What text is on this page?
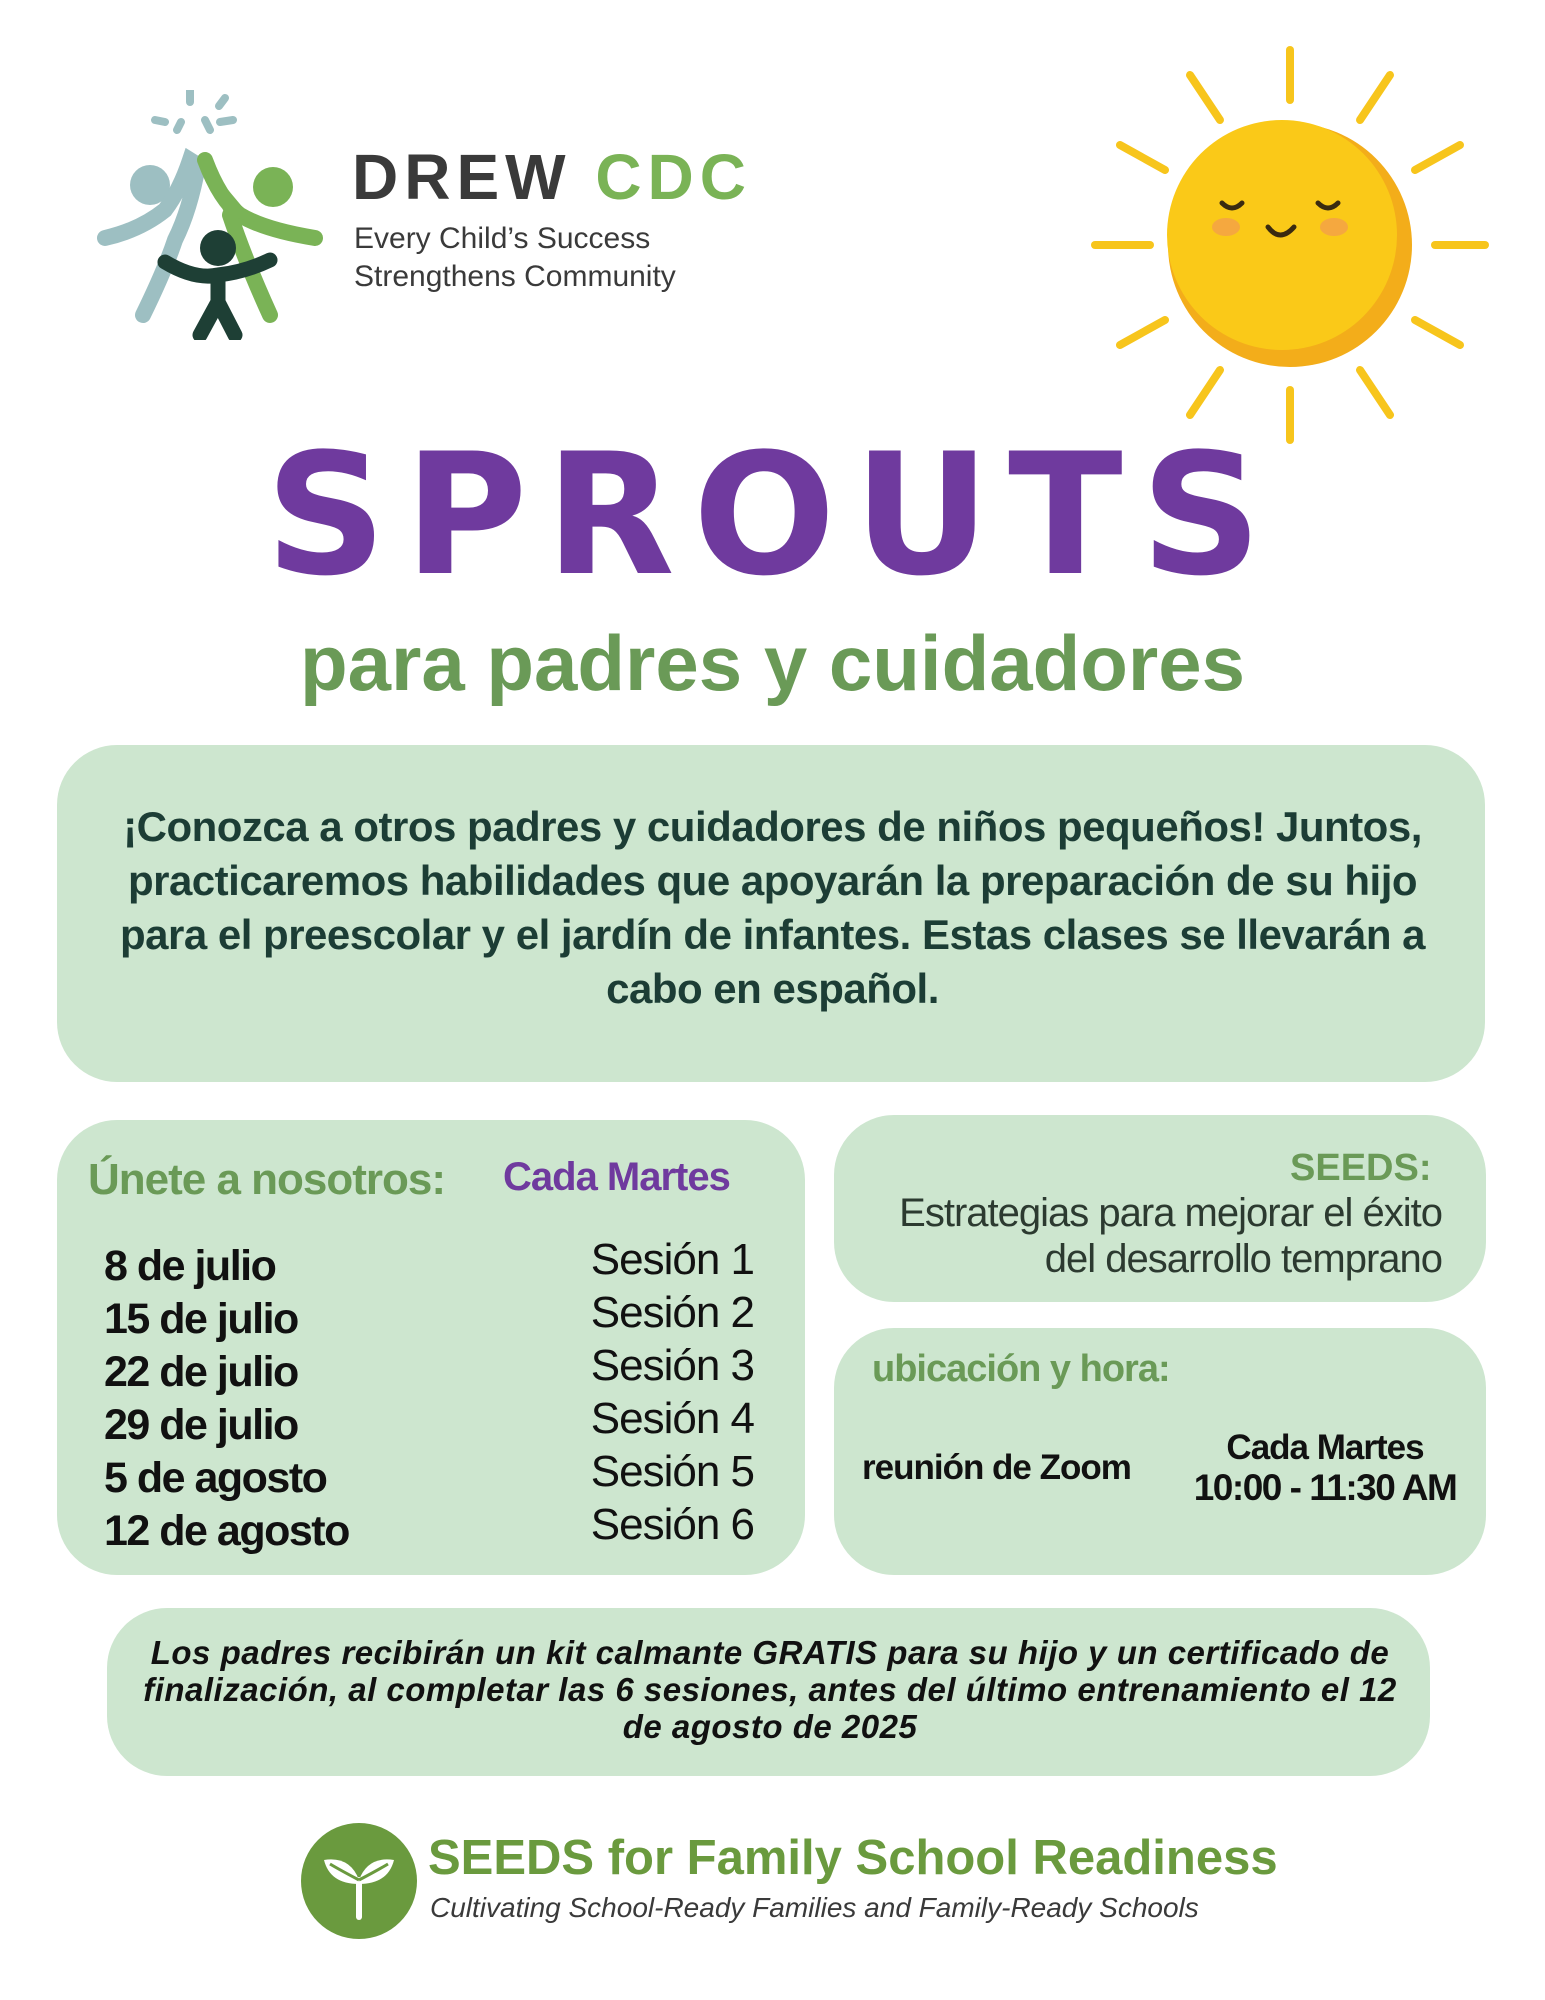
DREW CDC
Every Child’s Success
Strengthens Community
SPROUTS
para padres y cuidadores
¡Conozca a otros padres y cuidadores de niños pequeños! Juntos, practicaremos habilidades que apoyarán la preparación de su hijo para el preescolar y el jardín de infantes. Estas clases se llevarán a cabo en español.
Únete a nosotros: Cada Martes
8 de julio	Sesión 1
15 de julio	Sesión 2
22 de julio	Sesión 3
29 de julio	Sesión 4
5 de agosto	Sesión 5
12 de agosto	Sesión 6
SEEDS:
Estrategias para mejorar el éxito del desarrollo temprano
ubicación y hora:
reunión de Zoom
Cada Martes
10:00 - 11:30 AM
Los padres recibirán un kit calmante GRATIS para su hijo y un certificado de finalización, al completar las 6 sesiones, antes del último entrenamiento el 12 de agosto de 2025
SEEDS for Family School Readiness
Cultivating School-Ready Families and Family-Ready Schools
